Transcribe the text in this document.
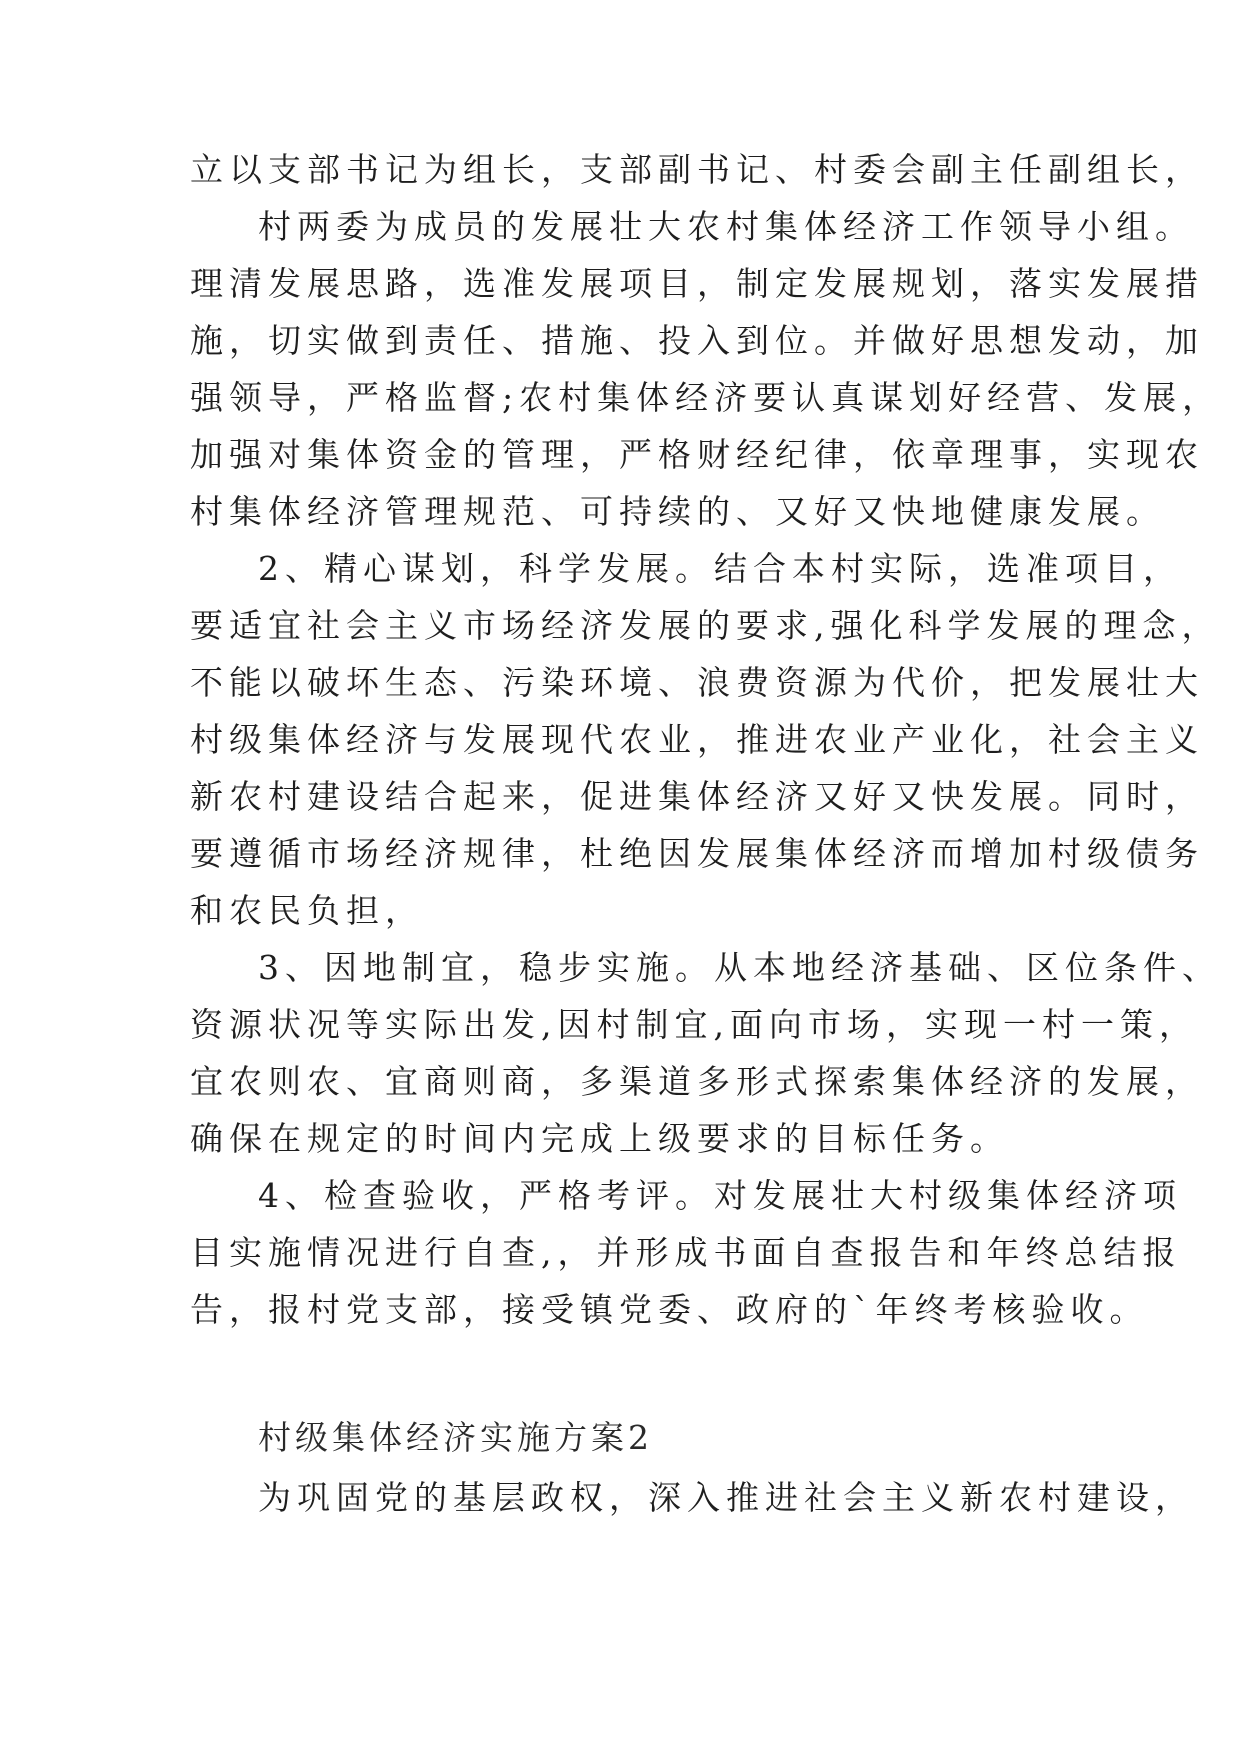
立以支部书记为组长，支部副书记、村委会副主任副组长，
村两委为成员的发展壮大农村集体经济工作领导小组。
理清发展思路，选准发展项目，制定发展规划，落实发展措
施，切实做到责任、措施、投入到位。并做好思想发动，加
强领导，严格监督;农村集体经济要认真谋划好经营、发展，
加强对集体资金的管理，严格财经纪律，依章理事，实现农
村集体经济管理规范、可持续的、又好又快地健康发展。
2、精心谋划，科学发展。结合本村实际，选准项目，
要适宜社会主义市场经济发展的要求,强化科学发展的理念，
不能以破坏生态、污染环境、浪费资源为代价，把发展壮大
村级集体经济与发展现代农业，推进农业产业化，社会主义
新农村建设结合起来，促进集体经济又好又快发展。同时，
要遵循市场经济规律，杜绝因发展集体经济而增加村级债务
和农民负担，
3、因地制宜，稳步实施。从本地经济基础、区位条件、
资源状况等实际出发,因村制宜,面向市场，实现一村一策，
宜农则农、宜商则商，多渠道多形式探索集体经济的发展，
确保在规定的时间内完成上级要求的目标任务。
4、检查验收，严格考评。对发展壮大村级集体经济项
目实施情况进行自查,，并形成书面自查报告和年终总结报
告，报村党支部，接受镇党委、政府的`年终考核验收。
村级集体经济实施方案2
为巩固党的基层政权，深入推进社会主义新农村建设，
